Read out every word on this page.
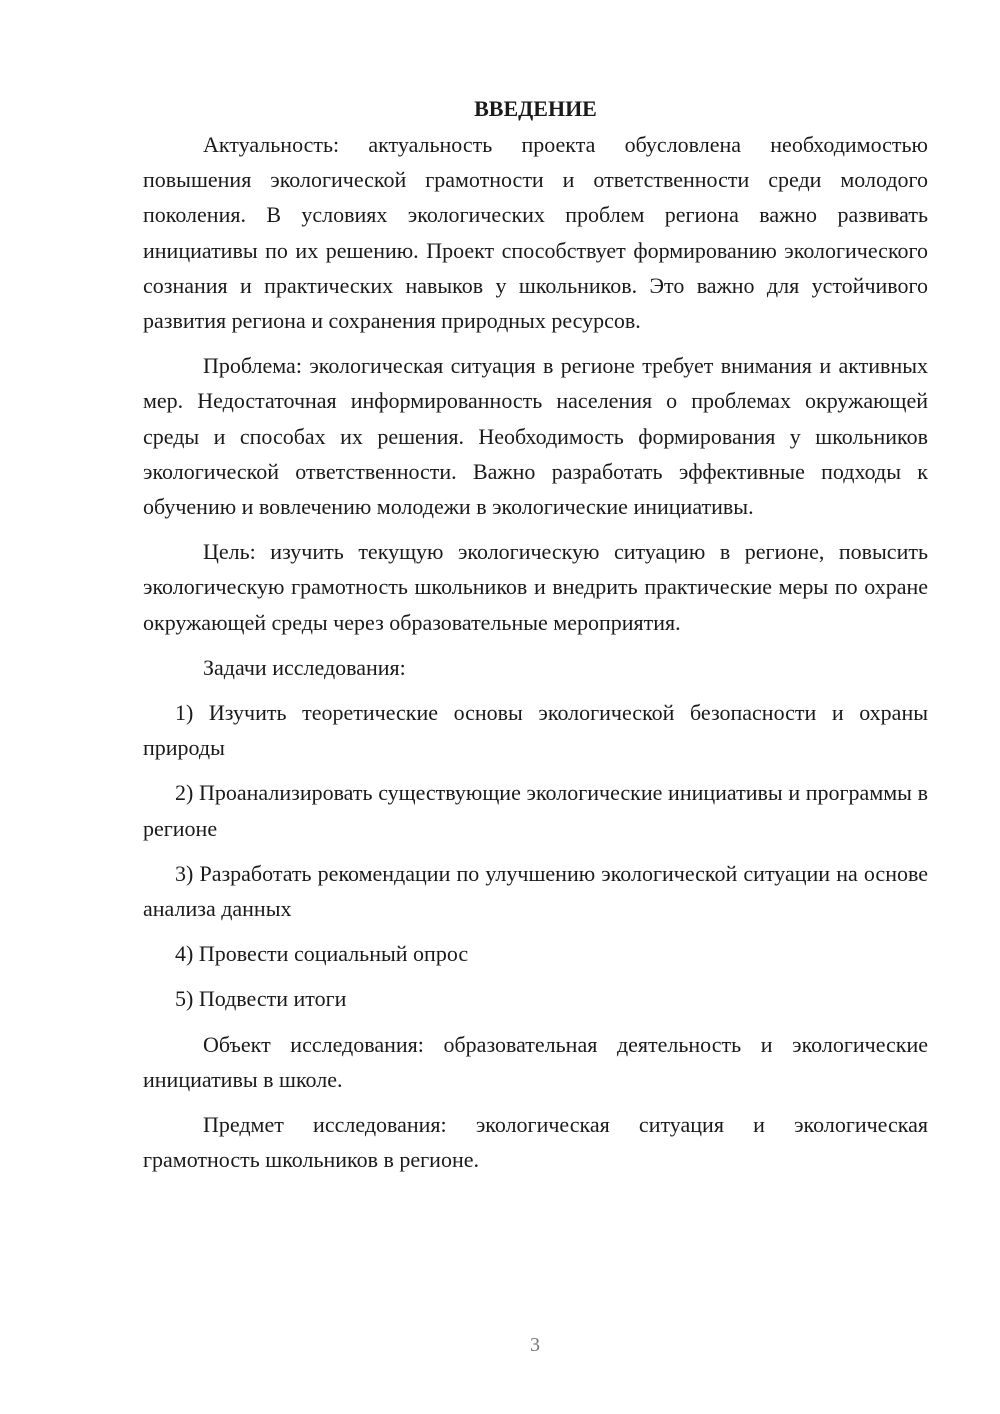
ВВЕДЕНИЕ

Актуальность: актуальность проекта обусловлена необходимостью повышения экологической грамотности и ответственности среди молодого поколения. В условиях экологических проблем региона важно развивать инициативы по их решению. Проект способствует формированию экологического сознания и практических навыков у школьников. Это важно для устойчивого развития региона и сохранения природных ресурсов.

Проблема: экологическая ситуация в регионе требует внимания и активных мер. Недостаточная информированность населения о проблемах окружающей среды и способах их решения. Необходимость формирования у школьников экологической ответственности. Важно разработать эффективные подходы к обучению и вовлечению молодежи в экологические инициативы.

Цель: изучить текущую экологическую ситуацию в регионе, повысить экологическую грамотность школьников и внедрить практические меры по охране окружающей среды через образовательные мероприятия.

Задачи исследования:

1) Изучить теоретические основы экологической безопасности и охраны природы

2) Проанализировать существующие экологические инициативы и программы в регионе

3) Разработать рекомендации по улучшению экологической ситуации на основе анализа данных

4) Провести социальный опрос

5) Подвести итоги

Объект исследования: образовательная деятельность и экологические инициативы в школе.

Предмет исследования: экологическая ситуация и экологическая грамотность школьников в регионе.

3
